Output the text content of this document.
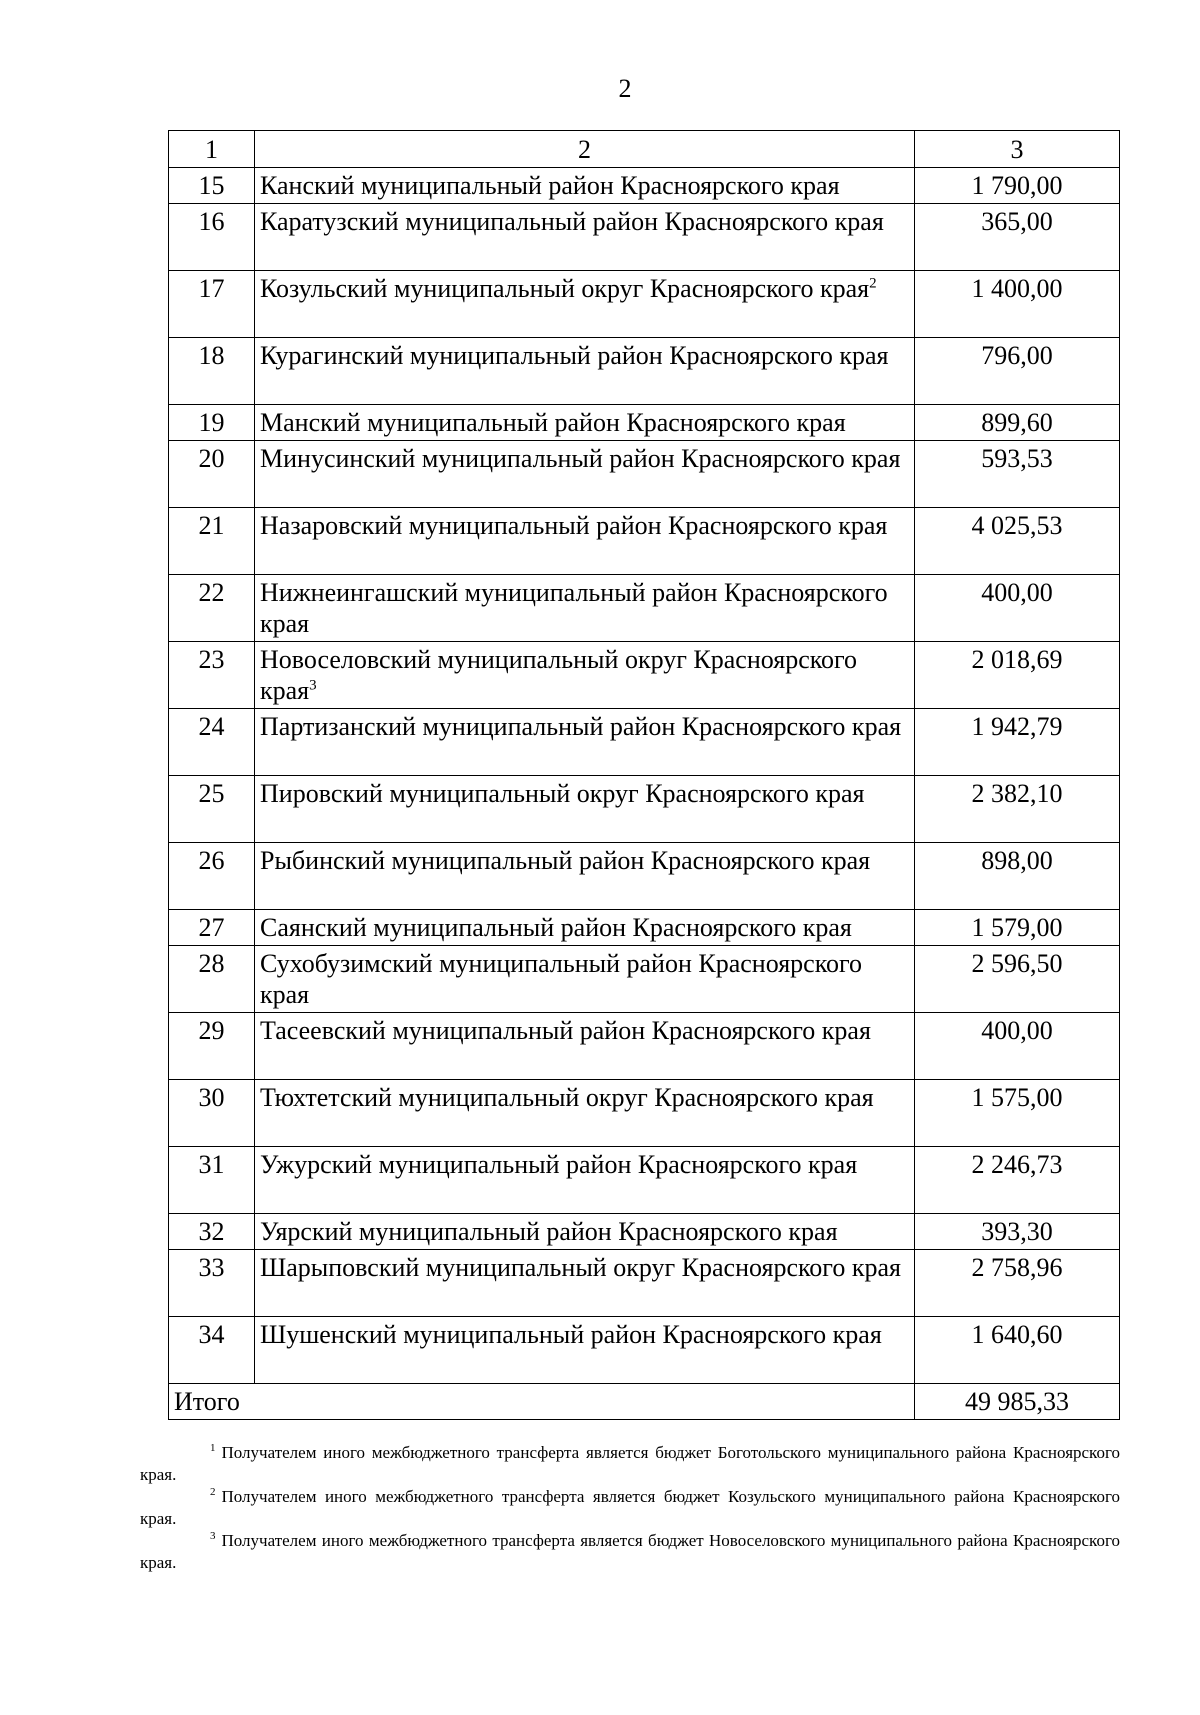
2
1	2	3
15	Канский муниципальный район Красноярского края	1 790,00
16	Каратузский муниципальный район Красноярского края	365,00
17	Козульский муниципальный округ Красноярского края$^2$	1 400,00
18	Курагинский муниципальный район Красноярского края	796,00
19	Манский муниципальный район Красноярского края	899,60
20	Минусинский муниципальный район Красноярского края	593,53
21	Назаровский муниципальный район Красноярского края	4 025,53
22	Нижнеингашский муниципальный район Красноярского края	400,00
23	Новоселовский муниципальный округ Красноярского края$^3$	2 018,69
24	Партизанский муниципальный район Красноярского края	1 942,79
25	Пировский муниципальный округ Красноярского края	2 382,10
26	Рыбинский муниципальный район Красноярского края	898,00
27	Саянский муниципальный район Красноярского края	1 579,00
28	Сухобузимский муниципальный район Красноярского края	2 596,50
29	Тасеевский муниципальный район Красноярского края	400,00
30	Тюхтетский муниципальный округ Красноярского края	1 575,00
31	Ужурский муниципальный район Красноярского края	2 246,73
32	Уярский муниципальный район Красноярского края	393,30
33	Шарыповский муниципальный округ Красноярского края	2 758,96
34	Шушенский муниципальный район Красноярского края	1 640,60
Итого		49 985,33

$^1$ Получателем иного межбюджетного трансферта является бюджет Боготольского муниципального района Красноярского края.

$^2$ Получателем иного межбюджетного трансферта является бюджет Козульского муниципального района Красноярского края.

$^3$ Получателем иного межбюджетного трансферта является бюджет Новоселовского муниципального района Красноярского края.
